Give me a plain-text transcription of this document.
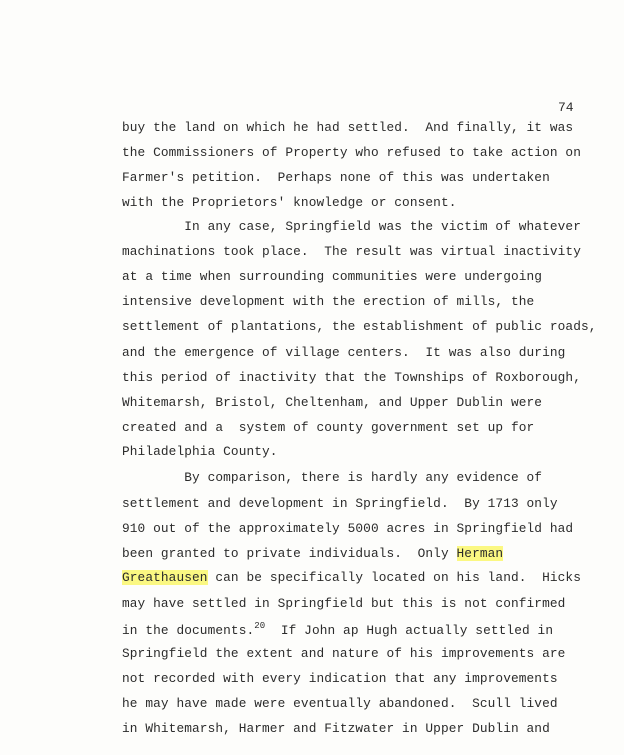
74
buy the land on which he had settled.  And finally, it was
the Commissioners of Property who refused to take action on
Farmer's petition.  Perhaps none of this was undertaken
with the Proprietors' knowledge or consent.
In any case, Springfield was the victim of whatever
machinations took place.  The result was virtual inactivity
at a time when surrounding communities were undergoing
intensive development with the erection of mills, the
settlement of plantations, the establishment of public roads,
and the emergence of village centers.  It was also during
this period of inactivity that the Townships of Roxborough,
Whitemarsh, Bristol, Cheltenham, and Upper Dublin were
created and a  system of county government set up for
Philadelphia County.
By comparison, there is hardly any evidence of
settlement and development in Springfield.  By 1713 only
910 out of the approximately 5000 acres in Springfield had
been granted to private individuals.  Only Herman
Greathausen can be specifically located on his land.  Hicks
may have settled in Springfield but this is not confirmed
in the documents.$^{20}$  If John ap Hugh actually settled in
Springfield the extent and nature of his improvements are
not recorded with every indication that any improvements
he may have made were eventually abandoned.  Scull lived
in Whitemarsh, Harmer and Fitzwater in Upper Dublin and
